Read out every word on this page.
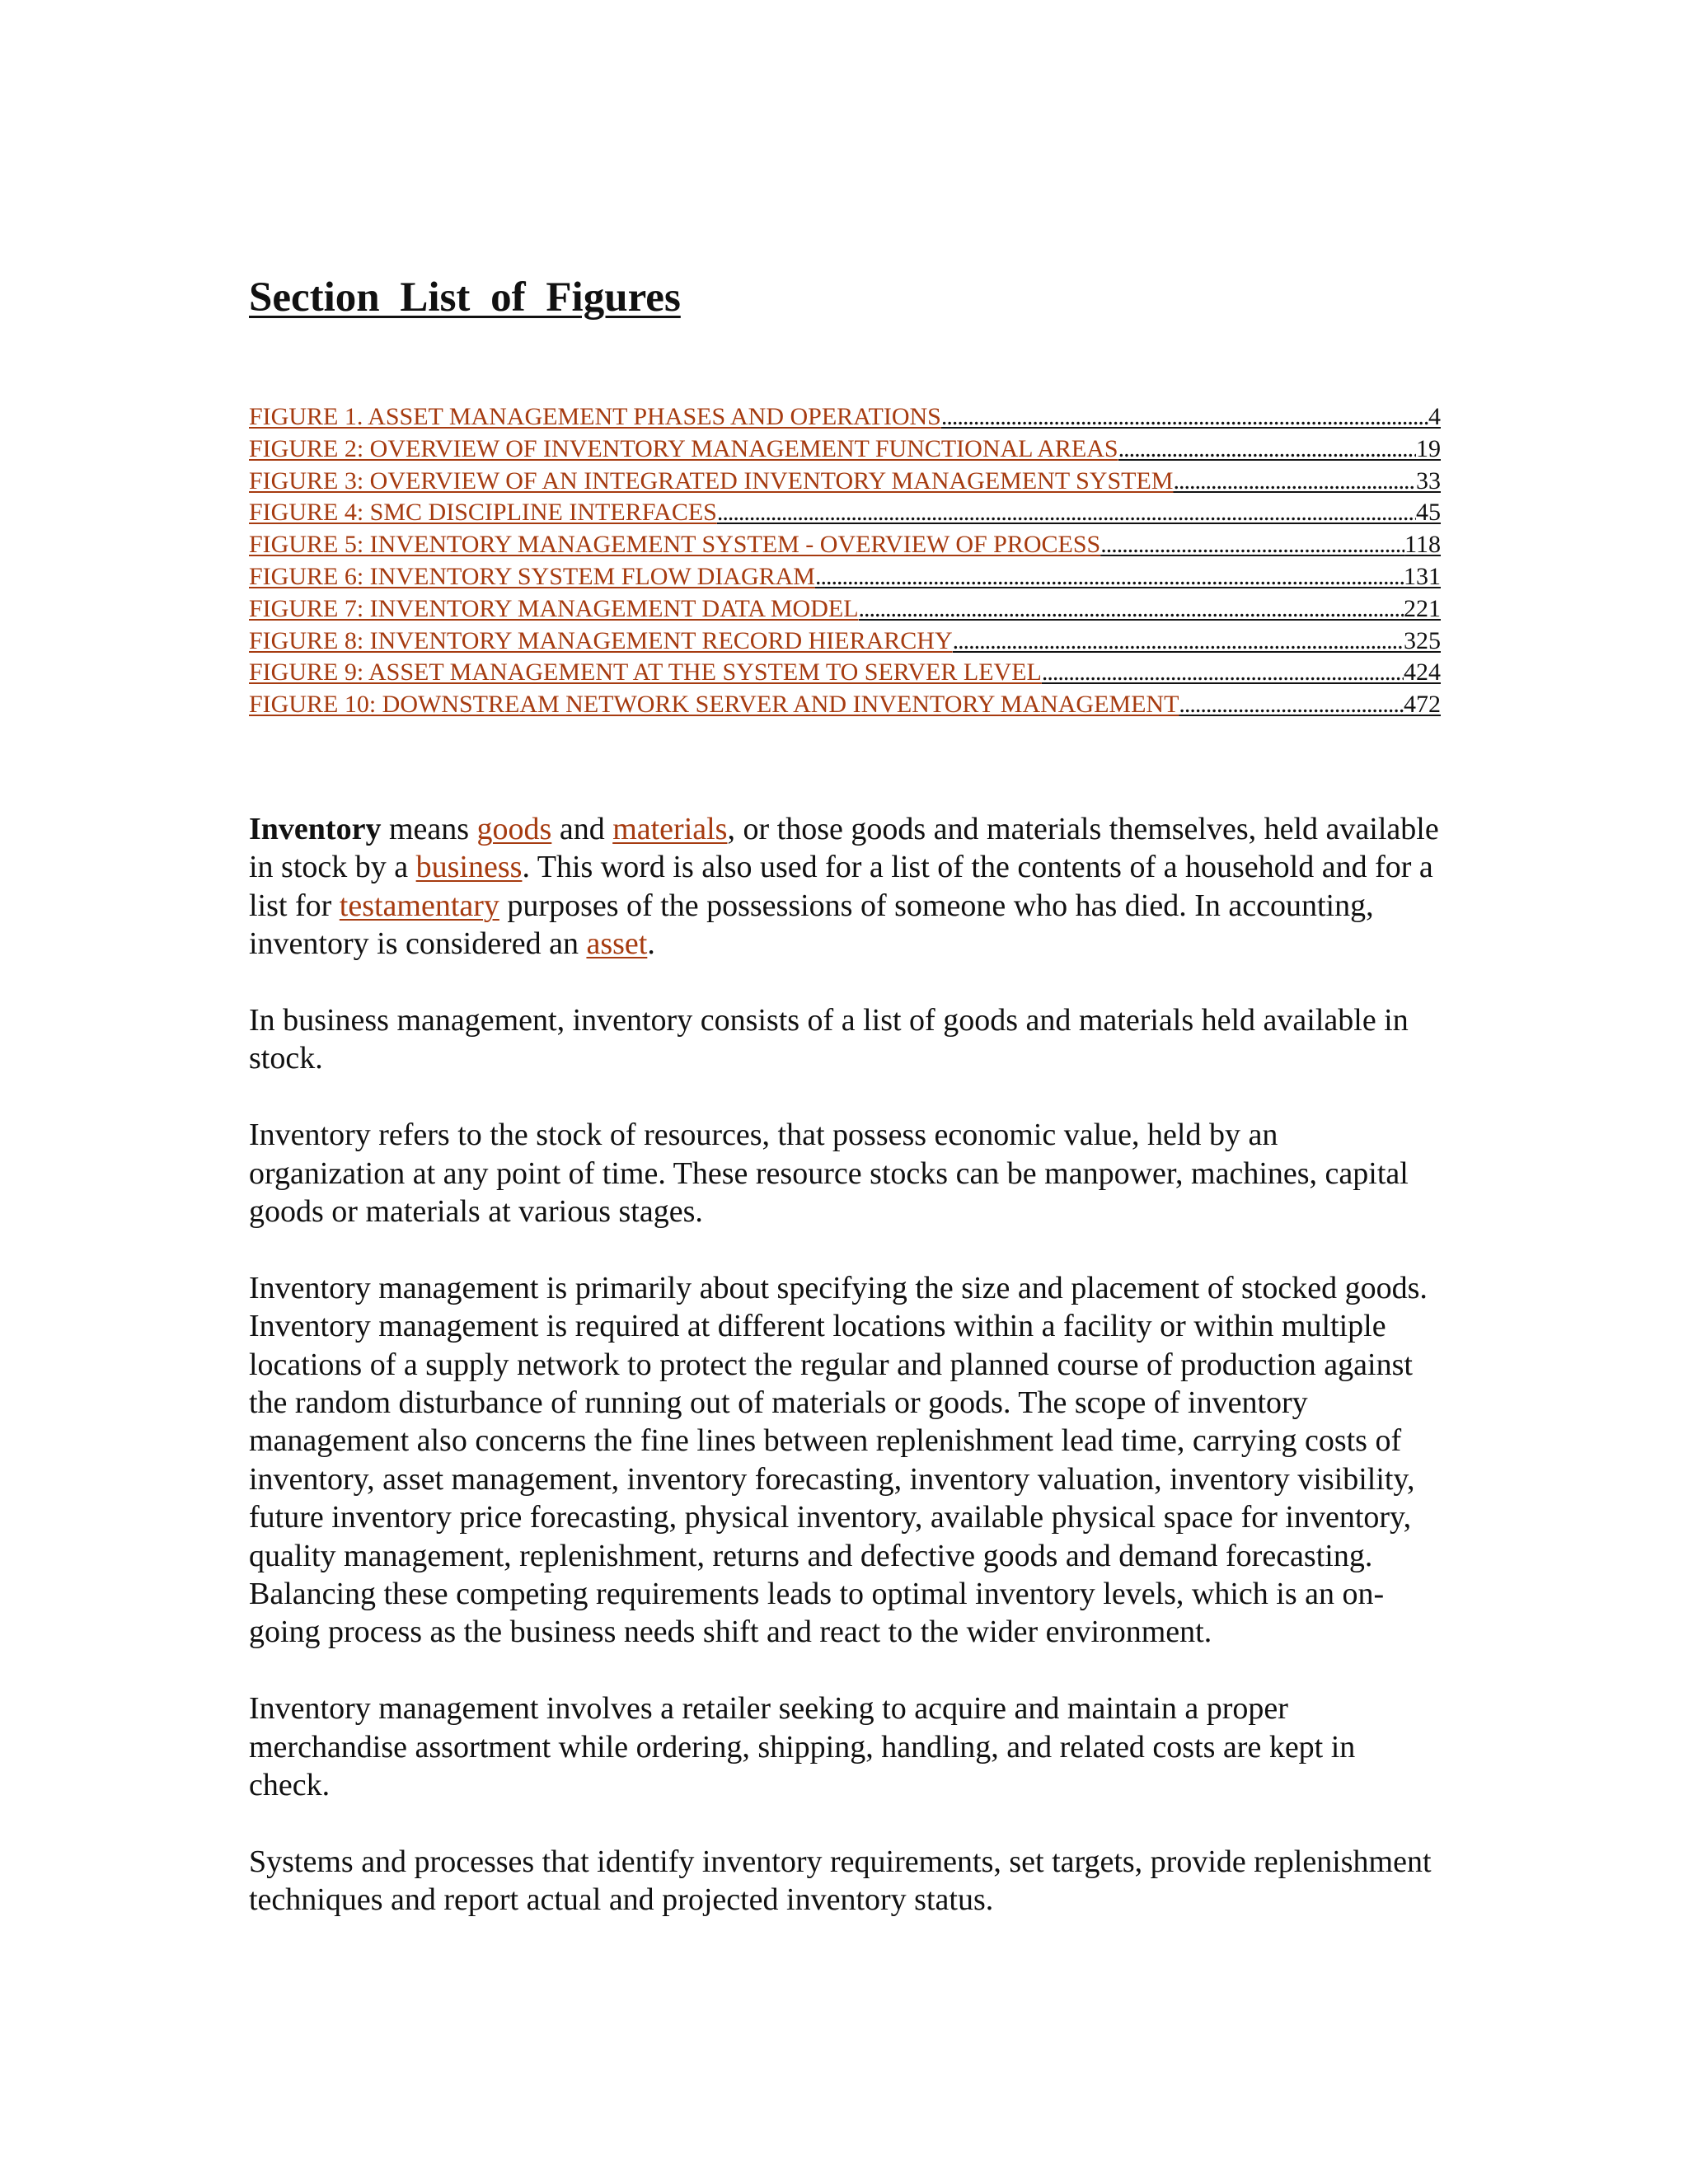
Section List of Figures
FIGURE 1. ASSET MANAGEMENT PHASES AND OPERATIONS .....	4
FIGURE 2: OVERVIEW OF INVENTORY MANAGEMENT FUNCTIONAL AREAS .....	19
FIGURE 3: OVERVIEW OF AN INTEGRATED INVENTORY MANAGEMENT SYSTEM .....	33
FIGURE 4: SMC DISCIPLINE INTERFACES .....	45
FIGURE 5: INVENTORY MANAGEMENT SYSTEM - OVERVIEW OF PROCESS .....	118
FIGURE 6: INVENTORY SYSTEM FLOW DIAGRAM .....	131
FIGURE 7: INVENTORY MANAGEMENT DATA MODEL .....	221
FIGURE 8: INVENTORY MANAGEMENT RECORD HIERARCHY .....	325
FIGURE 9: ASSET MANAGEMENT AT THE SYSTEM TO SERVER LEVEL .....	424
FIGURE 10: DOWNSTREAM NETWORK SERVER AND INVENTORY MANAGEMENT .....	472

Inventory means goods and materials, or those goods and materials themselves, held available in stock by a business. This word is also used for a list of the contents of a household and for a list for testamentary purposes of the possessions of someone who has died. In accounting, inventory is considered an asset.

In business management, inventory consists of a list of goods and materials held available in stock.

Inventory refers to the stock of resources, that possess economic value, held by an organization at any point of time. These resource stocks can be manpower, machines, capital goods or materials at various stages.

Inventory management is primarily about specifying the size and placement of stocked goods. Inventory management is required at different locations within a facility or within multiple locations of a supply network to protect the regular and planned course of production against the random disturbance of running out of materials or goods. The scope of inventory management also concerns the fine lines between replenishment lead time, carrying costs of inventory, asset management, inventory forecasting, inventory valuation, inventory visibility, future inventory price forecasting, physical inventory, available physical space for inventory, quality management, replenishment, returns and defective goods and demand forecasting. Balancing these competing requirements leads to optimal inventory levels, which is an on-going process as the business needs shift and react to the wider environment.

Inventory management involves a retailer seeking to acquire and maintain a proper merchandise assortment while ordering, shipping, handling, and related costs are kept in check.

Systems and processes that identify inventory requirements, set targets, provide replenishment techniques and report actual and projected inventory status.
